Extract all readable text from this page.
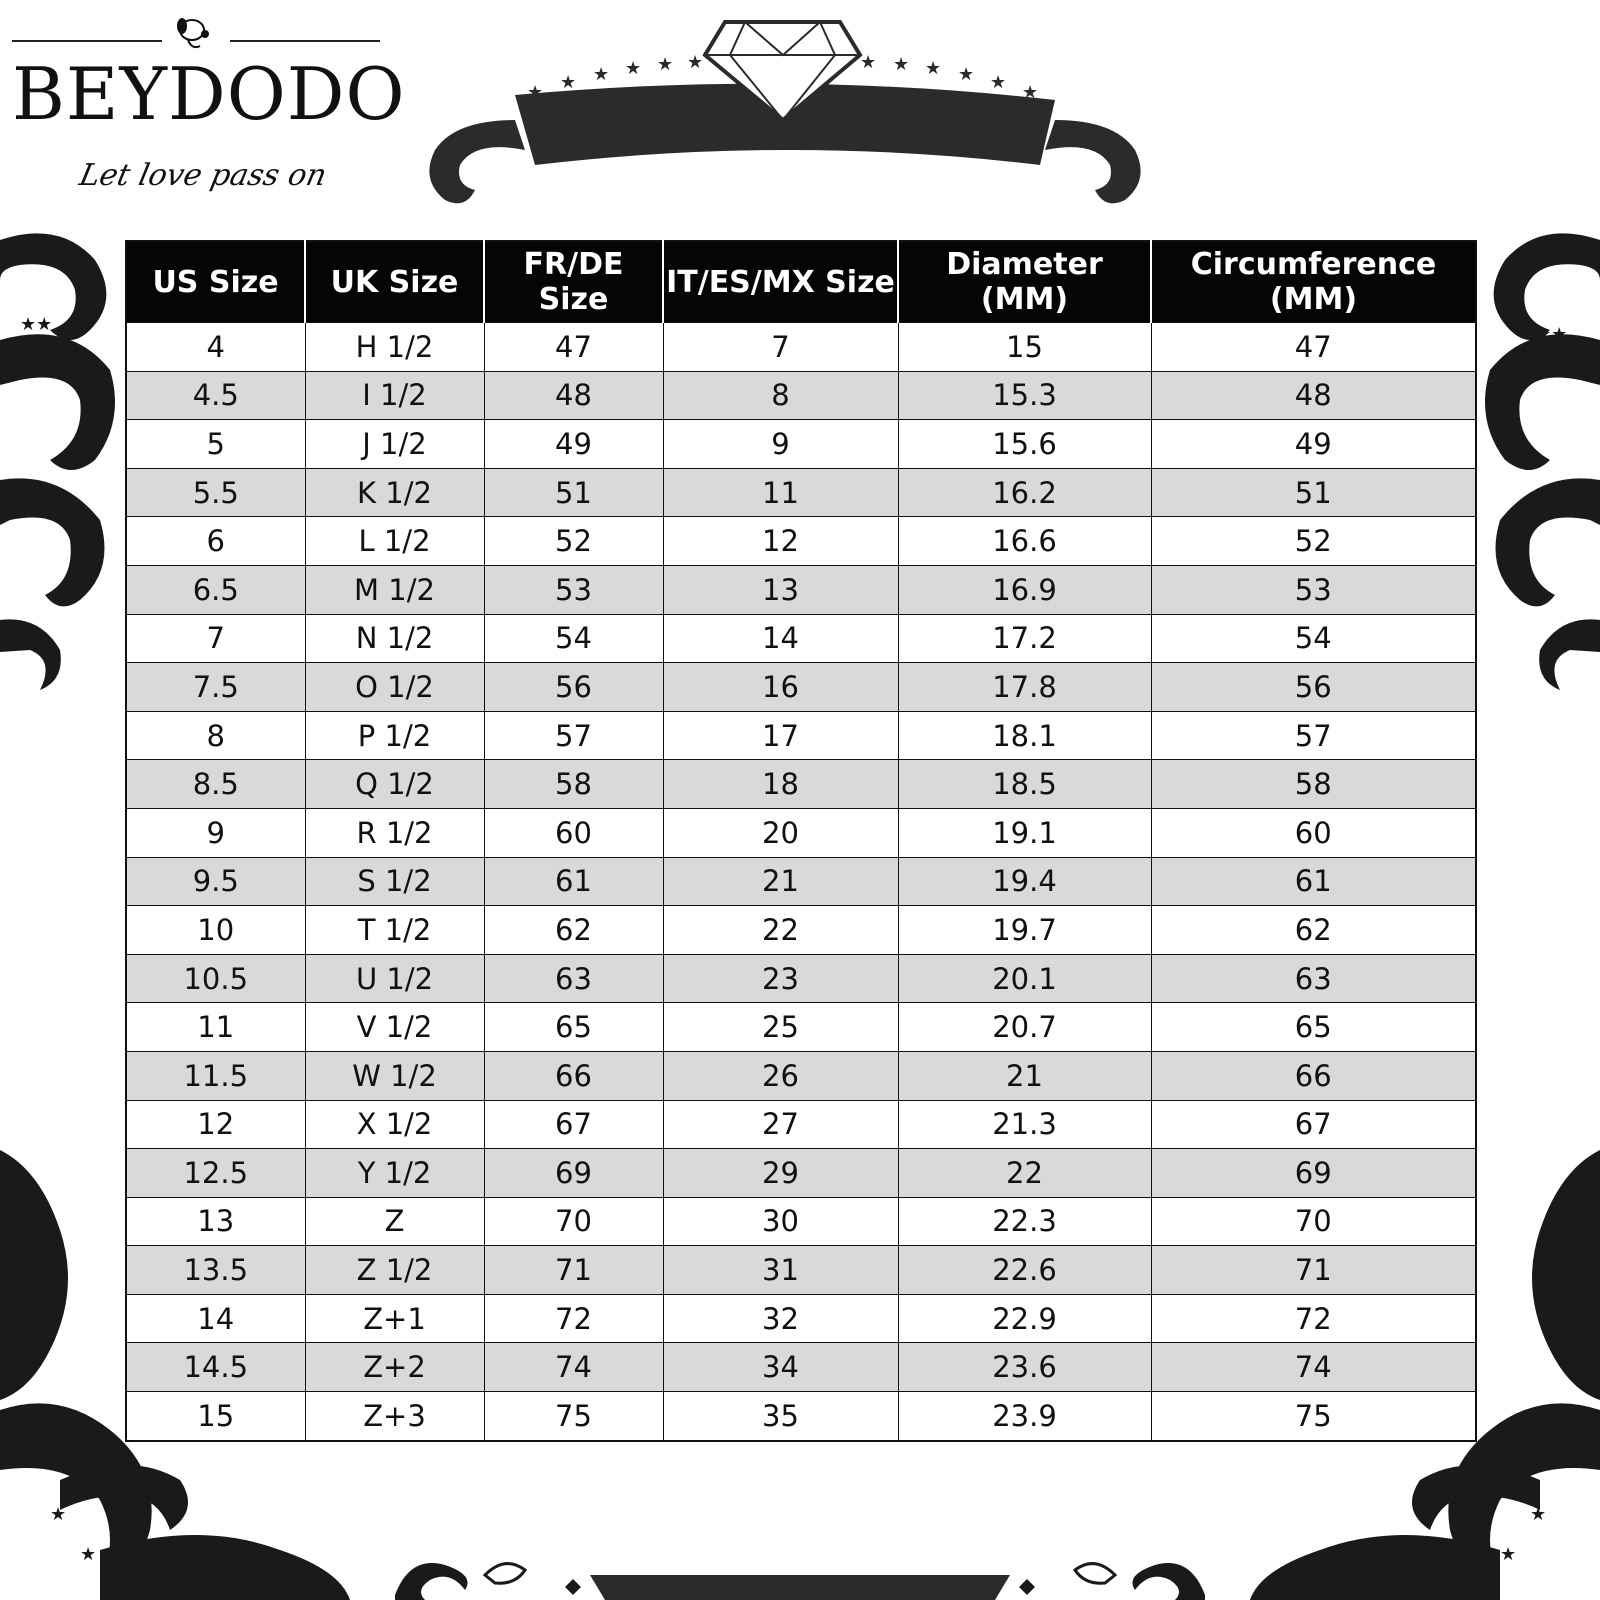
BEYDODO
Let love pass on
★ ★ ★ ★ ★ ★	★ ★ ★ ★ ★ ★
★★	★★
★
★
★
★
US Size	UK Size	FR/DE Size	IT/ES/MX Size	Diameter (MM)	Circumference (MM)
4	H 1/2	47	7	15	47
4.5	I 1/2	48	8	15.3	48
5	J 1/2	49	9	15.6	49
5.5	K 1/2	51	11	16.2	51
6	L 1/2	52	12	16.6	52
6.5	M 1/2	53	13	16.9	53
7	N 1/2	54	14	17.2	54
7.5	O 1/2	56	16	17.8	56
8	P 1/2	57	17	18.1	57
8.5	Q 1/2	58	18	18.5	58
9	R 1/2	60	20	19.1	60
9.5	S 1/2	61	21	19.4	61
10	T 1/2	62	22	19.7	62
10.5	U 1/2	63	23	20.1	63
11	V 1/2	65	25	20.7	65
11.5	W 1/2	66	26	21	66
12	X 1/2	67	27	21.3	67
12.5	Y 1/2	69	29	22	69
13	Z	70	30	22.3	70
13.5	Z 1/2	71	31	22.6	71
14	Z+1	72	32	22.9	72
14.5	Z+2	74	34	23.6	74
15	Z+3	75	35	23.9	75
